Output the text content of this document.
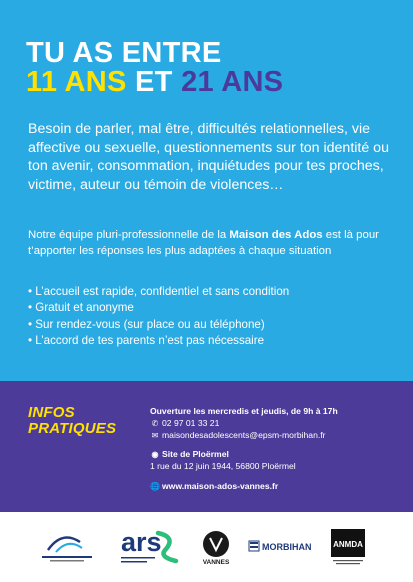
TU AS ENTRE
11 ANS ET 21 ANS

Besoin de parler, mal être, difficultés relationnelles, vie affective ou sexuelle, questionnements sur ton identité ou ton avenir, consommation, inquiétudes pour tes proches, victime, auteur ou témoin de violences…

Notre équipe pluri-professionnelle de la Maison des Ados est là pour t’apporter les réponses les plus adaptées à chaque situation

• L’accueil est rapide, confidentiel et sans condition
• Gratuit et anonyme
• Sur rendez-vous (sur place ou au téléphone)
• L’accord de tes parents n’est pas nécessaire
INFOS
PRATIQUES
Ouverture les mercredis et jeudis, de 9h à 17h
✆ 02 97 01 33 21
✉ maisondesadolescents@epsm-morbihan.fr
◉ Site de Ploërmel
1 rue du 12 juin 1944, 56800 Ploërmel
🌐 www.maison-ados-vannes.fr
ars
VANNES
MORBIHAN	ANMDA
